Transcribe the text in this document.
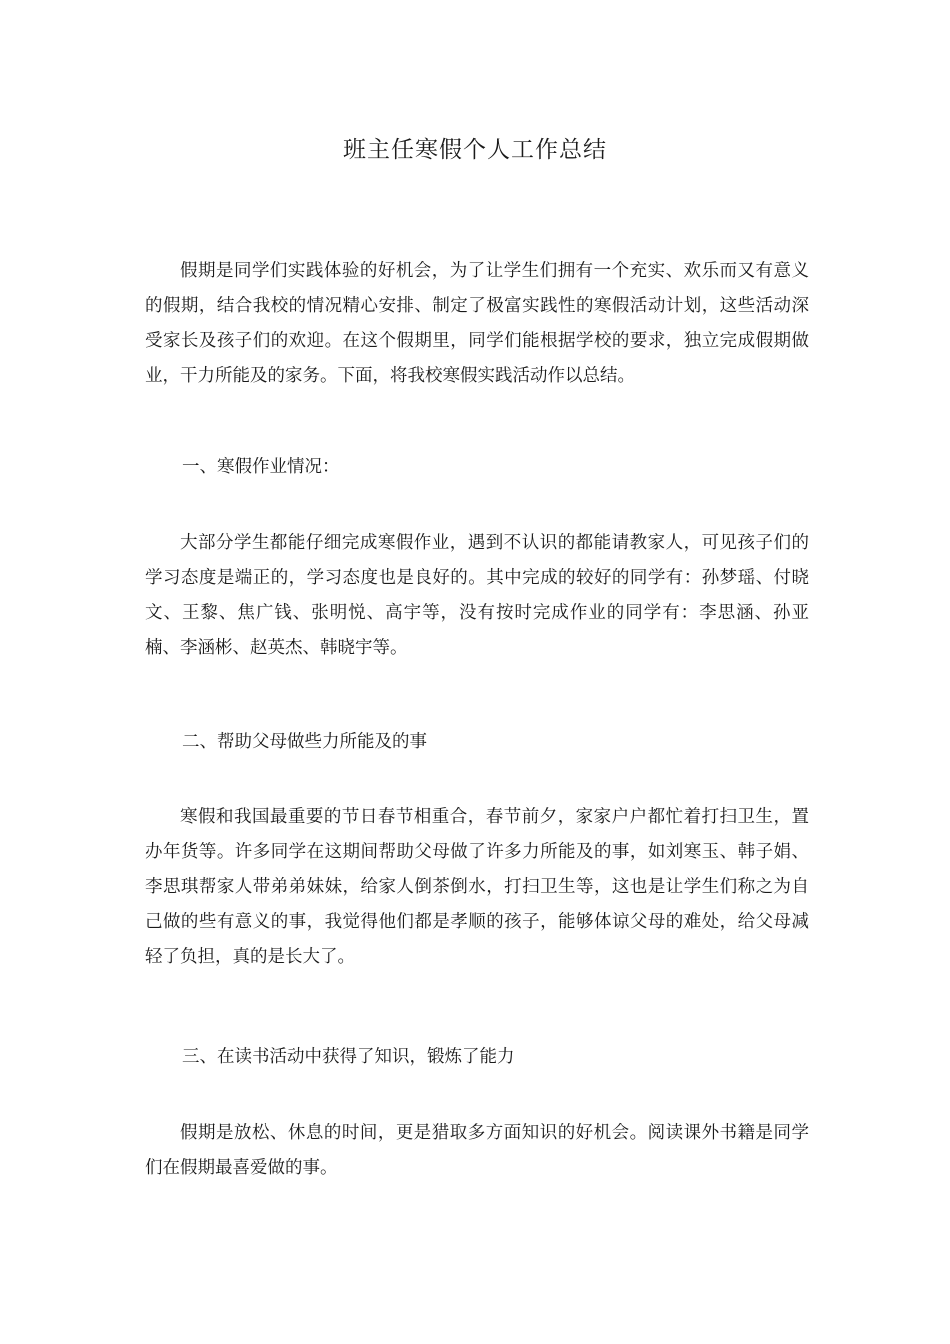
班主任寒假个人工作总结

假期是同学们实践体验的好机会，为了让学生们拥有一个充实、欢乐而又有意义的假期，结合我校的情况精心安排、制定了极富实践性的寒假活动计划，这些活动深受家长及孩子们的欢迎。在这个假期里，同学们能根据学校的要求，独立完成假期做业，干力所能及的家务。下面，将我校寒假实践活动作以总结。

一、寒假作业情况：

大部分学生都能仔细完成寒假作业，遇到不认识的都能请教家人，可见孩子们的学习态度是端正的，学习态度也是良好的。其中完成的较好的同学有：孙梦瑶、付晓文、王黎、焦广钱、张明悦、高宇等，没有按时完成作业的同学有：李思涵、孙亚楠、李涵彬、赵英杰、韩晓宇等。

二、帮助父母做些力所能及的事

寒假和我国最重要的节日春节相重合，春节前夕，家家户户都忙着打扫卫生，置办年货等。许多同学在这期间帮助父母做了许多力所能及的事，如刘寒玉、韩子娟、李思琪帮家人带弟弟妹妹，给家人倒茶倒水，打扫卫生等，这也是让学生们称之为自己做的些有意义的事，我觉得他们都是孝顺的孩子，能够体谅父母的难处，给父母减轻了负担，真的是长大了。

三、在读书活动中获得了知识，锻炼了能力

假期是放松、休息的时间，更是猎取多方面知识的好机会。阅读课外书籍是同学们在假期最喜爱做的事。
